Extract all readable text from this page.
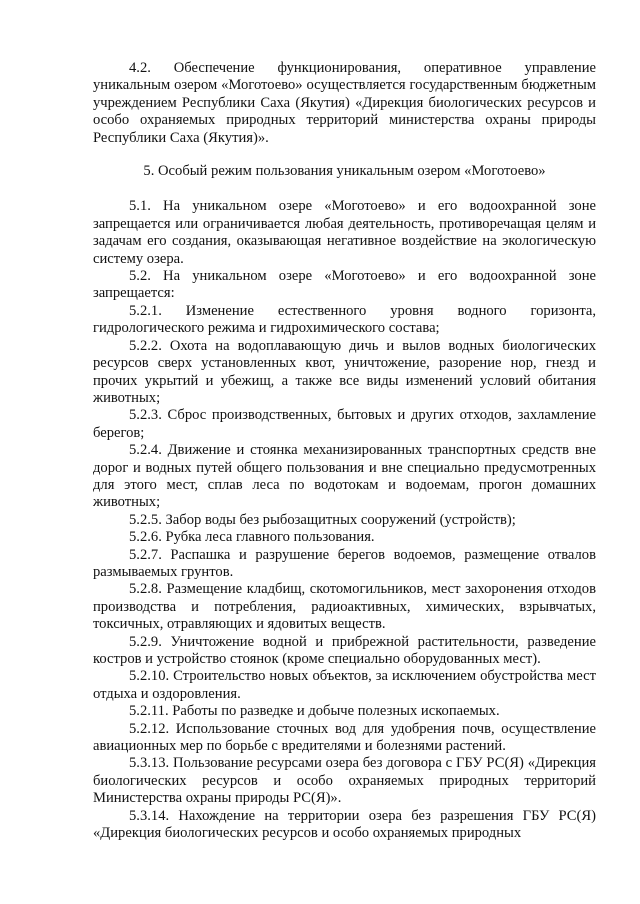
4.2. Обеспечение функционирования, оперативное управление уникальным озером «Моготоево» осуществляется государственным бюджетным учреждением Республики Саха (Якутия) «Дирекция биологических ресурсов и особо охраняемых природных территорий министерства охраны природы Республики Саха (Якутия)».

5. Особый режим пользования уникальным озером «Моготоево»

5.1. На уникальном озере «Моготоево» и его водоохранной зоне запрещается или ограничивается любая деятельность, противоречащая целям и задачам его создания, оказывающая негативное воздействие на экологическую систему озера.

5.2. На уникальном озере «Моготоево» и его водоохранной зоне запрещается:

5.2.1. Изменение естественного уровня водного горизонта, гидрологического режима и гидрохимического состава;

5.2.2. Охота на водоплавающую дичь и вылов водных биологических ресурсов сверх установленных квот, уничтожение, разорение нор, гнезд и прочих укрытий и убежищ, а также все виды изменений условий обитания животных;

5.2.3. Сброс производственных, бытовых и других отходов, захламление берегов;

5.2.4. Движение и стоянка механизированных транспортных средств вне дорог и водных путей общего пользования и вне специально предусмотренных для этого мест, сплав леса по водотокам и водоемам, прогон домашних животных;

5.2.5. Забор воды без рыбозащитных сооружений (устройств);

5.2.6. Рубка леса главного пользования.

5.2.7. Распашка и разрушение берегов водоемов, размещение отвалов размываемых грунтов.

5.2.8. Размещение кладбищ, скотомогильников, мест захоронения отходов производства и потребления, радиоактивных, химических, взрывчатых, токсичных, отравляющих и ядовитых веществ.

5.2.9. Уничтожение водной и прибрежной растительности, разведение костров и устройство стоянок (кроме специально оборудованных мест).

5.2.10. Строительство новых объектов, за исключением обустройства мест отдыха и оздоровления.

5.2.11. Работы по разведке и добыче полезных ископаемых.

5.2.12. Использование сточных вод для удобрения почв, осуществление авиационных мер по борьбе с вредителями и болезнями растений.

5.3.13. Пользование ресурсами озера без договора с ГБУ РС(Я) «Дирекция биологических ресурсов и особо охраняемых природных территорий Министерства охраны природы РС(Я)».

5.3.14. Нахождение на территории озера без разрешения ГБУ РС(Я) «Дирекция биологических ресурсов и особо охраняемых природных
